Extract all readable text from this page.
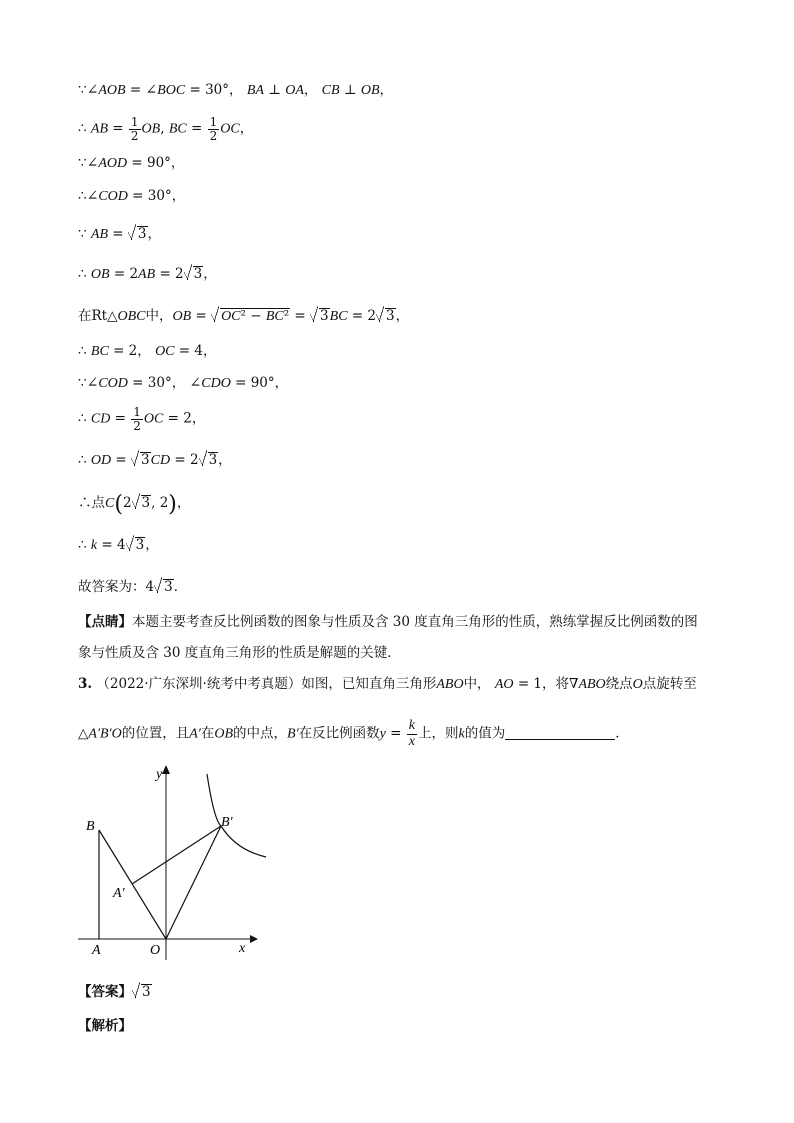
∵∠AOB = ∠BOC = 30°， BA ⊥ OA， CB ⊥ OB，
∴ AB = $\frac{1}{2}$ OB, BC = $\frac{1}{2}$ OC，
∵∠AOD = 90°，
∴∠COD = 30°，
∵ AB = 3，
∴ OB = 2AB = 2 3，
在Rt△OBC中，OB = OC² − BC² = 3BC = 2 3，
∴ BC = 2， OC = 4，
∵∠COD = 30°， ∠CDO = 90°，
∴ CD = $\frac{1}{2}$ OC = 2，
∴ OD = 3CD = 2 3，
∴点C(2 3, 2)，
∴ k = 4 3，
故答案为：4 3．
【点睛】本题主要考查反比例函数的图象与性质及含 30 度直角三角形的性质，熟练掌握反比例函数的图
象与性质及含 30 度直角三角形的性质是解题的关键．
3. （2022·广东深圳·统考中考真题）如图，已知直角三角形ABO中， AO = 1，将∇ABO绕点O点旋转至
△A′B′O的位置，且A′在OB的中点，B′在反比例函数$y = \frac{k}{x}$ 上，则k的值为	．
y
x
B	B′
A′
A	O
【答案】 3
【解析】
